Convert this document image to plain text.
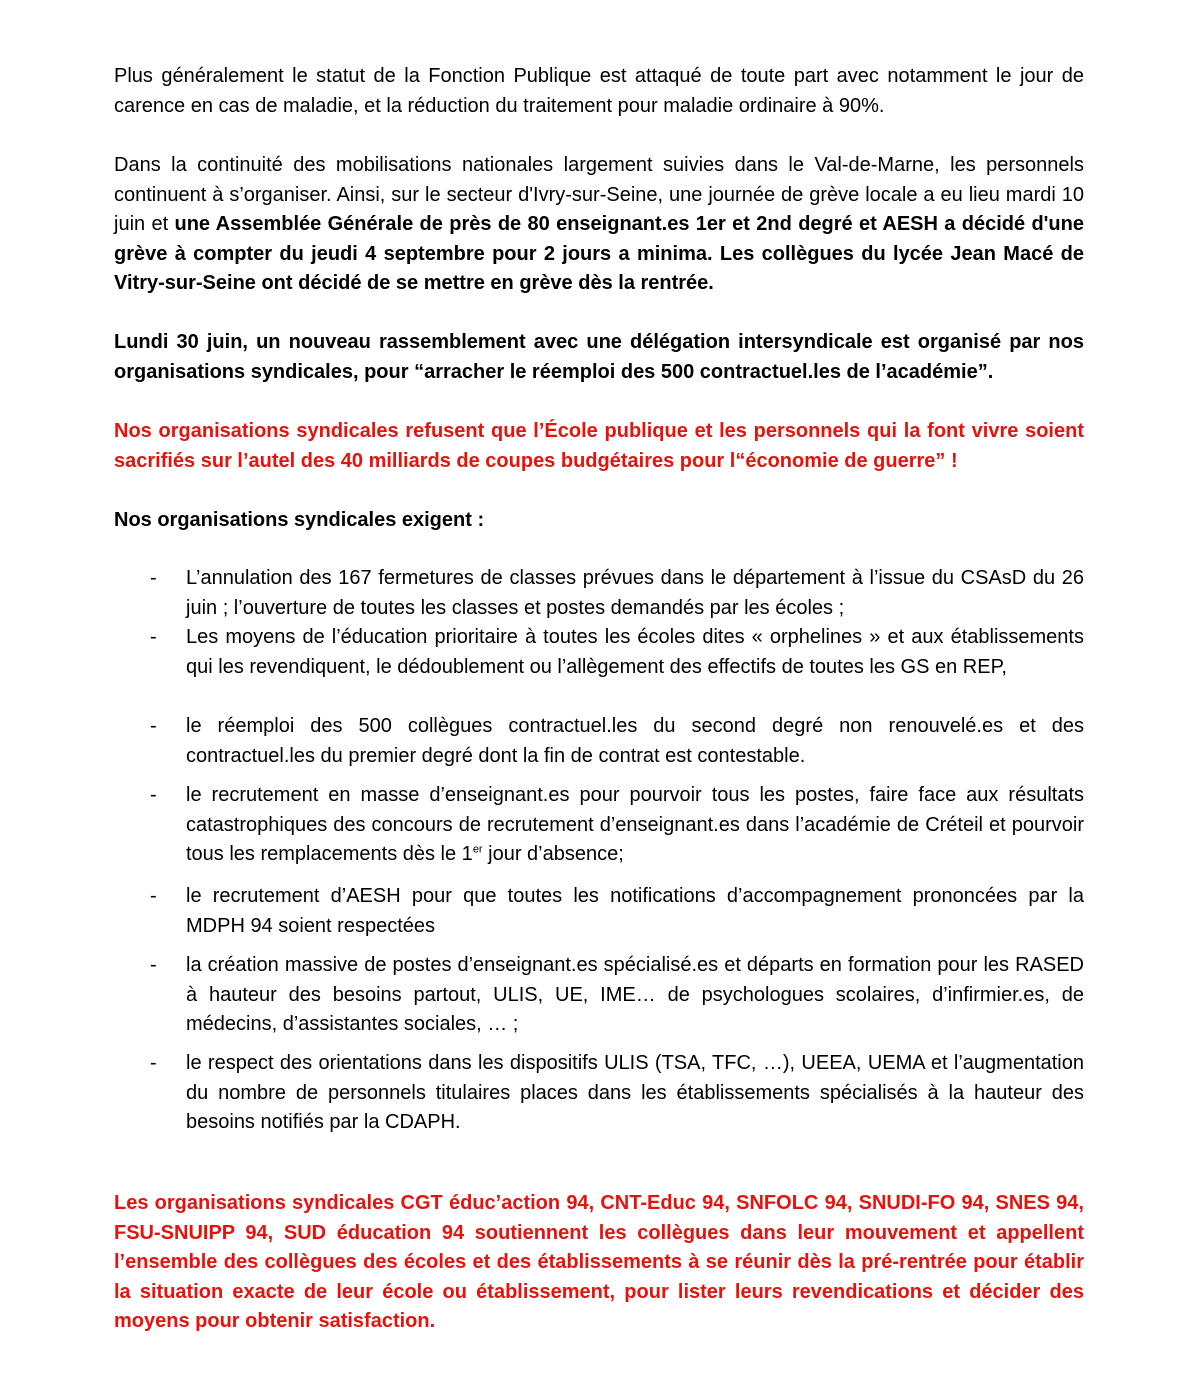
Plus généralement le statut de la Fonction Publique est attaqué de toute part avec notamment le jour de carence en cas de maladie, et la réduction du traitement pour maladie ordinaire à 90%.

Dans la continuité des mobilisations nationales largement suivies dans le Val-de-Marne, les personnels continuent à s’organiser. Ainsi, sur le secteur d'Ivry-sur-Seine, une journée de grève locale a eu lieu mardi 10 juin et une Assemblée Générale de près de 80 enseignant.es 1er et 2nd degré et AESH a décidé d'une grève à compter du jeudi 4 septembre pour 2 jours a minima. Les collègues du lycée Jean Macé de Vitry-sur-Seine ont décidé de se mettre en grève dès la rentrée.

Lundi 30 juin, un nouveau rassemblement avec une délégation intersyndicale est organisé par nos organisations syndicales, pour “arracher le réemploi des 500 contractuel.les de l’académie”.

Nos organisations syndicales refusent que l’École publique et les personnels qui la font vivre soient sacrifiés sur l’autel des 40 milliards de coupes budgétaires pour l“économie de guerre” !

Nos organisations syndicales exigent :

-	L’annulation des 167 fermetures de classes prévues dans le département à l’issue du CSAsD du 26 juin ; l’ouverture de toutes les classes et postes demandés par les écoles ;

-	Les moyens de l’éducation prioritaire à toutes les écoles dites « orphelines » et aux établissements qui les revendiquent, le dédoublement ou l’allègement des effectifs de toutes les GS en REP,

-	le réemploi des 500 collègues contractuel.les du second degré non renouvelé.es et des contractuel.les du premier degré dont la fin de contrat est contestable.

-	le recrutement en masse d’enseignant.es pour pourvoir tous les postes, faire face aux résultats catastrophiques des concours de recrutement d’enseignant.es dans l’académie de Créteil et pourvoir tous les remplacements dès le 1er jour d’absence;

-	le recrutement d’AESH pour que toutes les notifications d’accompagnement prononcées par la MDPH 94 soient respectées

-	la création massive de postes d’enseignant.es spécialisé.es et départs en formation pour les RASED à hauteur des besoins partout, ULIS, UE, IME… de psychologues scolaires, d’infirmier.es, de médecins, d’assistantes sociales, … ;

-	le respect des orientations dans les dispositifs ULIS (TSA, TFC, …), UEEA, UEMA et l’augmentation du nombre de personnels titulaires places dans les établissements spécialisés à la hauteur des besoins notifiés par la CDAPH.

Les organisations syndicales CGT éduc’action 94, CNT-Educ 94, SNFOLC 94, SNUDI-FO 94, SNES 94, FSU-SNUIPP 94, SUD éducation 94 soutiennent les collègues dans leur mouvement et appellent l’ensemble des collègues des écoles et des établissements à se réunir dès la pré-rentrée pour établir la situation exacte de leur école ou établissement, pour lister leurs revendications et décider des moyens pour obtenir satisfaction.
